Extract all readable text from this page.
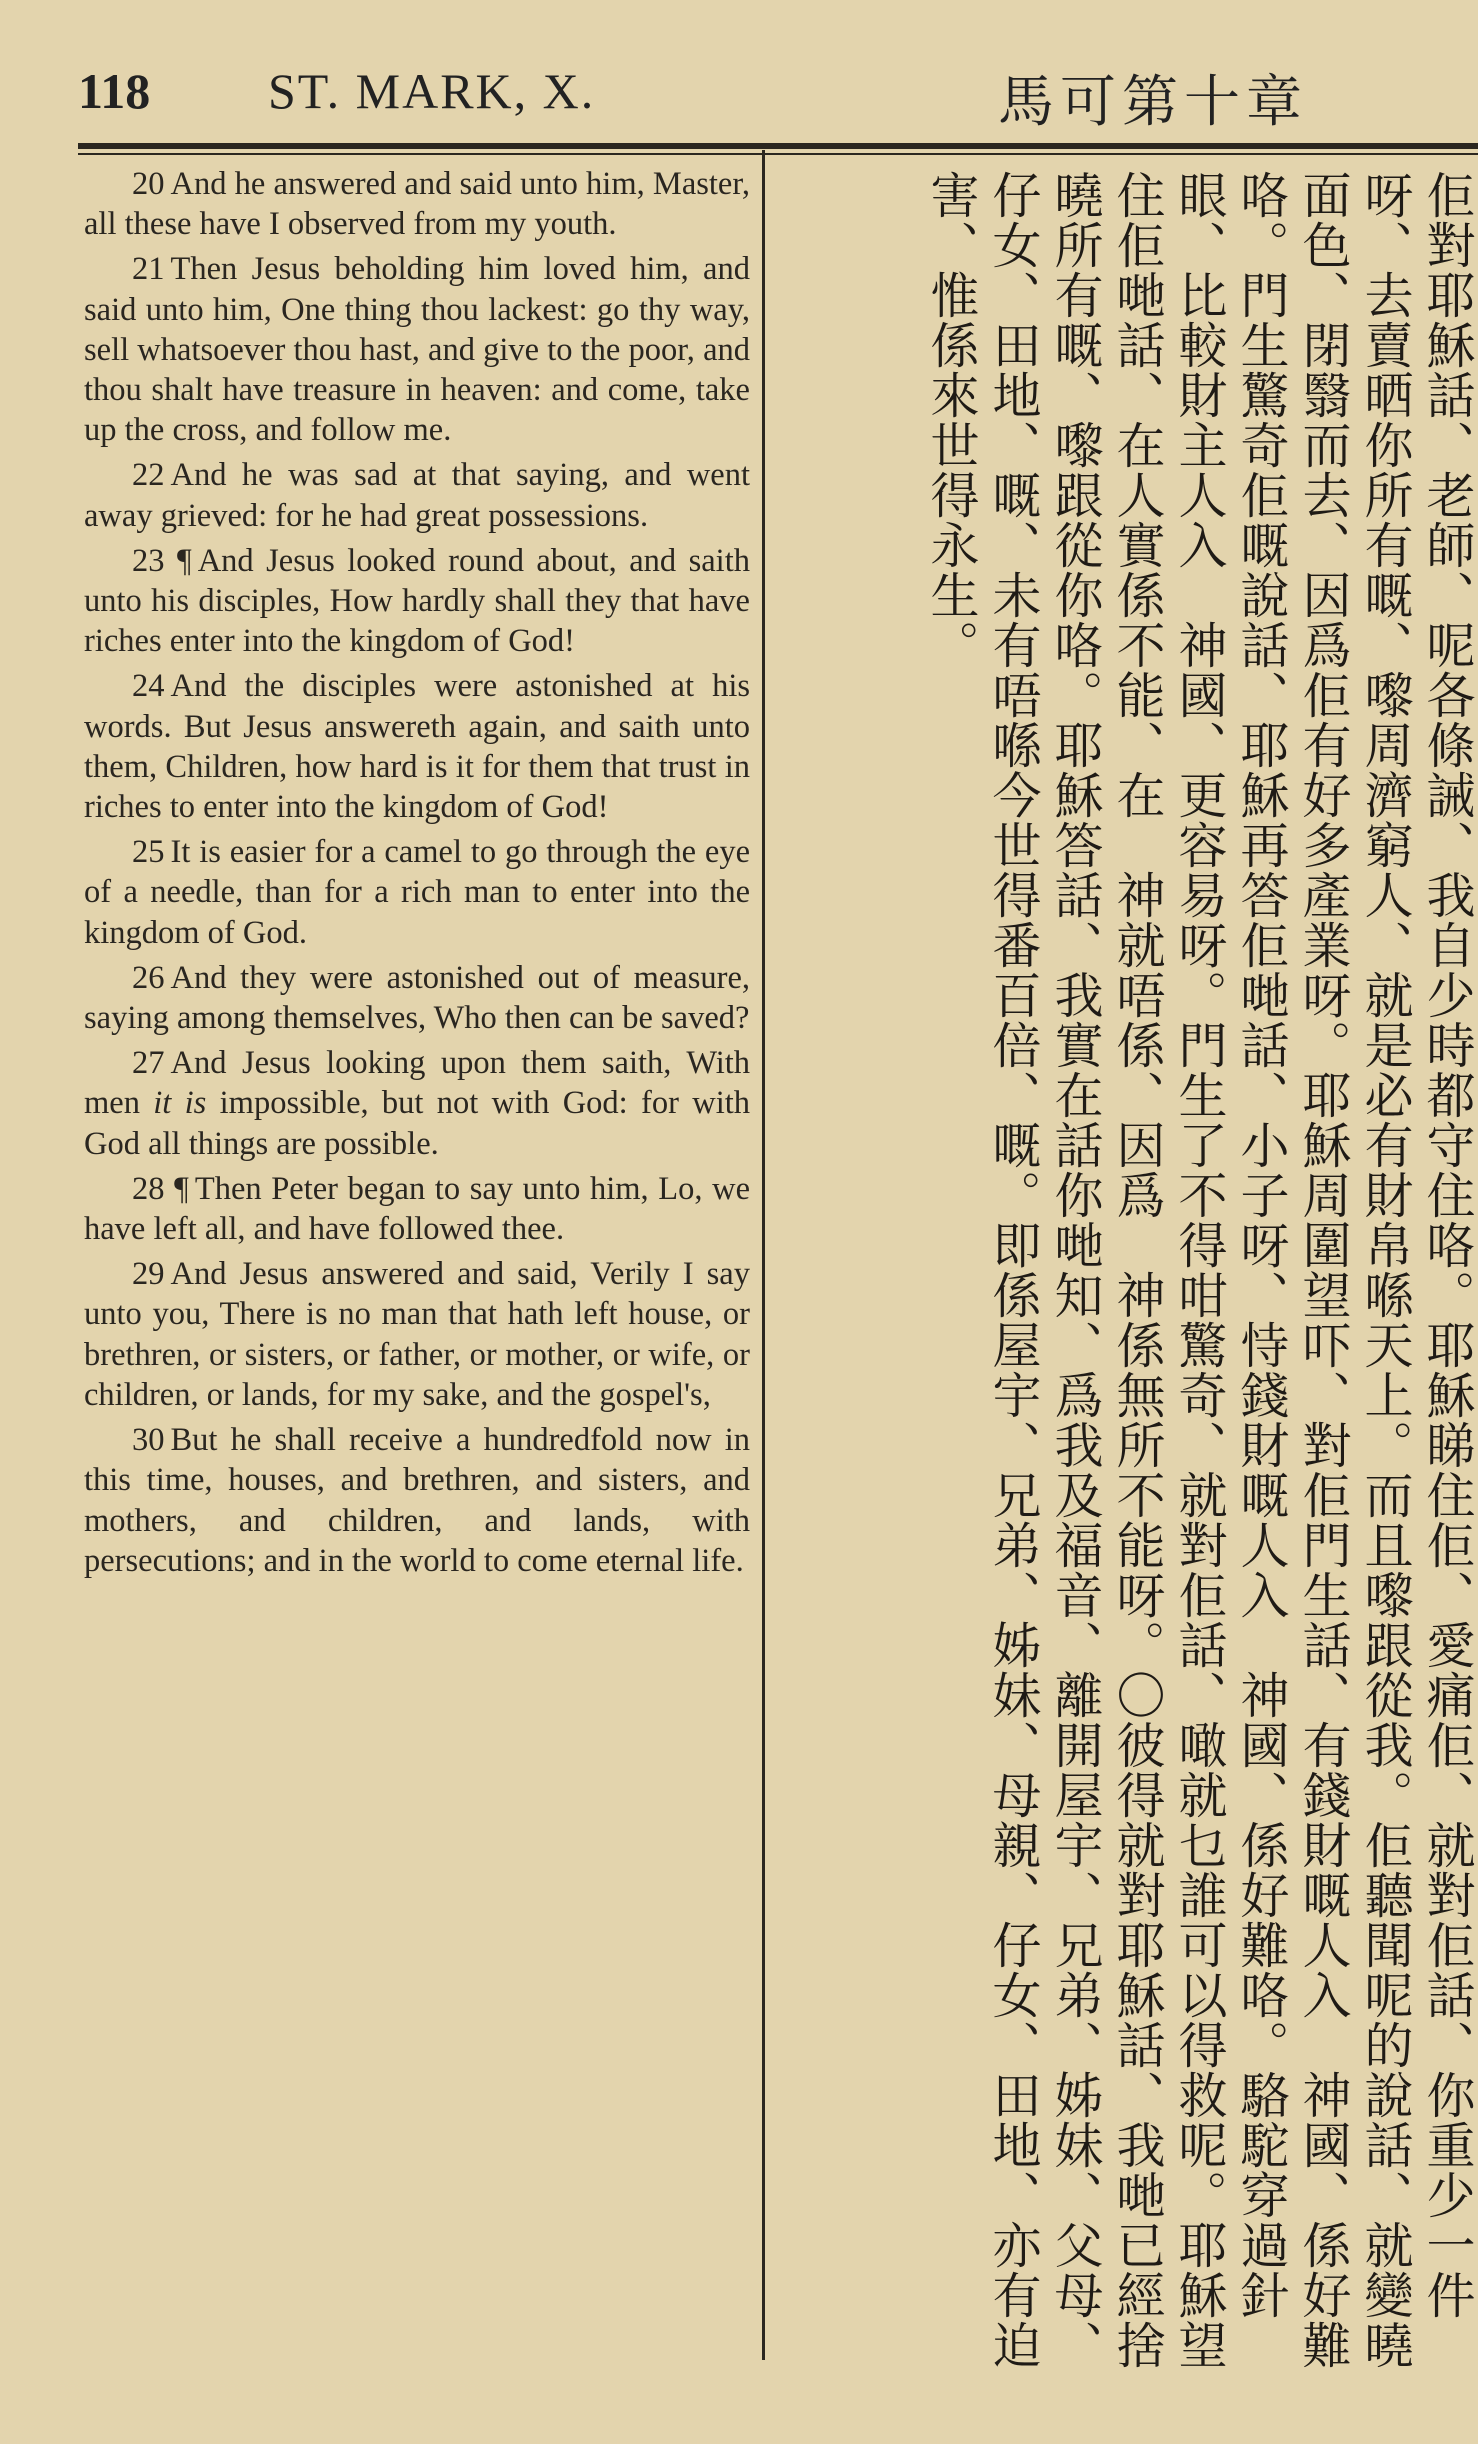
118 ST. MARK, X.	馬可第十章

20 And he answered and said unto him, Master, all these have I observed from my youth.

21 Then Jesus beholding him loved him, and said unto him, One thing thou lackest: go thy way, sell whatsoever thou hast, and give to the poor, and thou shalt have treasure in heaven: and come, take up the cross, and follow me.

22 And he was sad at that saying, and went away grieved: for he had great possessions.

23 ¶ And Jesus looked round about, and saith unto his disciples, How hardly shall they that have riches enter into the kingdom of God!

24 And the disciples were astonished at his words. But Jesus answereth again, and saith unto them, Children, how hard is it for them that trust in riches to enter into the kingdom of God!

25 It is easier for a camel to go through the eye of a needle, than for a rich man to enter into the kingdom of God.

26 And they were astonished out of measure, saying among themselves, Who then can be saved?

27 And Jesus looking upon them saith, With men it is impossible, but not with God: for with God all things are possible.

28 ¶ Then Peter began to say unto him, Lo, we have left all, and have followed thee.

29 And Jesus answered and said, Verily I say unto you, There is no man that hath left house, or brethren, or sisters, or father, or mother, or wife, or children, or lands, for my sake, and the gospel's,

30 But he shall receive a hundredfold now in this time, houses, and brethren, and sisters, and mothers, and children, and lands, with persecutions; and in the world to come eternal life.	佢對耶穌話、老師、呢各條誡、我自少時都守住咯。耶穌睇住佢、愛痛佢、就對佢話、你重少一件呀、去賣晒你所有嘅、嚟周濟窮人、就是必有財帛喺天上。而且嚟跟從我。佢聽聞呢的說話、就變曉面色、閉翳而去、因爲佢有好多產業呀。耶穌周圍望吓、對佢門生話、有錢財嘅人入　神國、係好難咯。門生驚奇佢嘅說話、耶穌再答佢哋話、小子呀、恃錢財嘅人入　神國、係好難咯。駱駝穿過針眼、比較財主人入　神國、更容易呀。門生了不得咁驚奇、就對佢話、噉就乜誰可以得救呢。耶穌望住佢哋話、在人實係不能、在　神就唔係、因爲　神係無所不能呀。〇彼得就對耶穌話、我哋已經捨曉所有嘅、嚟跟從你咯。耶穌答話、我實在話你哋知、爲我及福音、離開屋宇、兄弟、姊妹、父母、仔女、田地、嘅、未有唔喺今世得番百倍、嘅。即係屋宇、兄弟、姊妹、母親、仔女、田地、亦有迫害、惟係來世得永生。
